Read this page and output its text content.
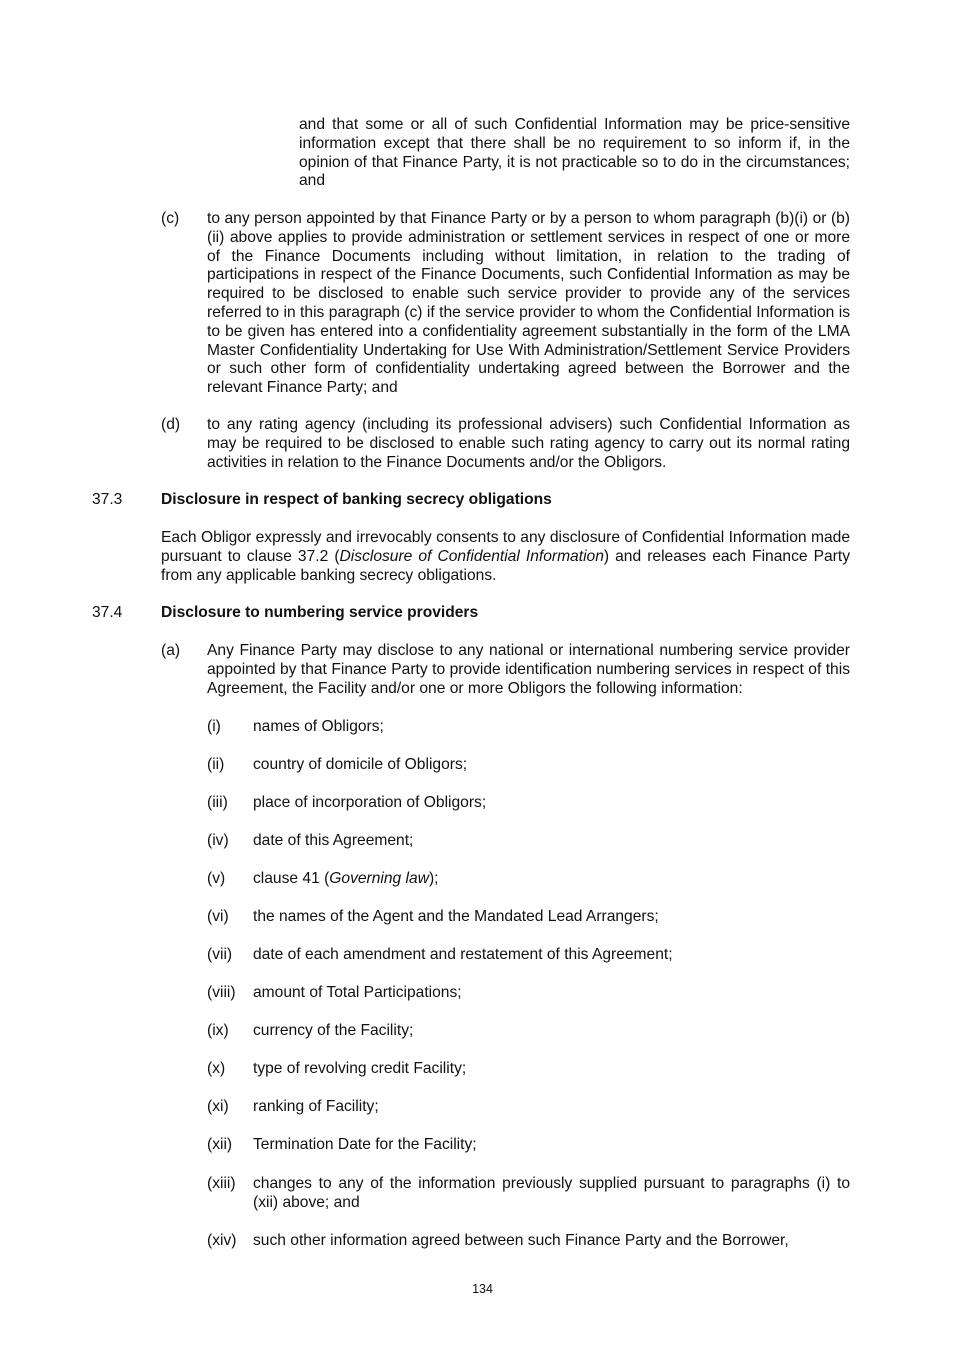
and that some or all of such Confidential Information may be price-sensitive information except that there shall be no requirement to so inform if, in the opinion of that Finance Party, it is not practicable so to do in the circumstances; and
(c) to any person appointed by that Finance Party or by a person to whom paragraph (b)(i) or (b)(ii) above applies to provide administration or settlement services in respect of one or more of the Finance Documents including without limitation, in relation to the trading of participations in respect of the Finance Documents, such Confidential Information as may be required to be disclosed to enable such service provider to provide any of the services referred to in this paragraph (c) if the service provider to whom the Confidential Information is to be given has entered into a confidentiality agreement substantially in the form of the LMA Master Confidentiality Undertaking for Use With Administration/Settlement Service Providers or such other form of confidentiality undertaking agreed between the Borrower and the relevant Finance Party; and
(d) to any rating agency (including its professional advisers) such Confidential Information as may be required to be disclosed to enable such rating agency to carry out its normal rating activities in relation to the Finance Documents and/or the Obligors.
37.3 Disclosure in respect of banking secrecy obligations
Each Obligor expressly and irrevocably consents to any disclosure of Confidential Information made pursuant to clause 37.2 (Disclosure of Confidential Information) and releases each Finance Party from any applicable banking secrecy obligations.
37.4 Disclosure to numbering service providers
(a) Any Finance Party may disclose to any national or international numbering service provider appointed by that Finance Party to provide identification numbering services in respect of this Agreement, the Facility and/or one or more Obligors the following information:
(i) names of Obligors;
(ii) country of domicile of Obligors;
(iii) place of incorporation of Obligors;
(iv) date of this Agreement;
(v) clause 41 (Governing law);
(vi) the names of the Agent and the Mandated Lead Arrangers;
(vii) date of each amendment and restatement of this Agreement;
(viii) amount of Total Participations;
(ix) currency of the Facility;
(x) type of revolving credit Facility;
(xi) ranking of Facility;
(xii) Termination Date for the Facility;
(xiii) changes to any of the information previously supplied pursuant to paragraphs (i) to (xii) above; and
(xiv) such other information agreed between such Finance Party and the Borrower,
134
